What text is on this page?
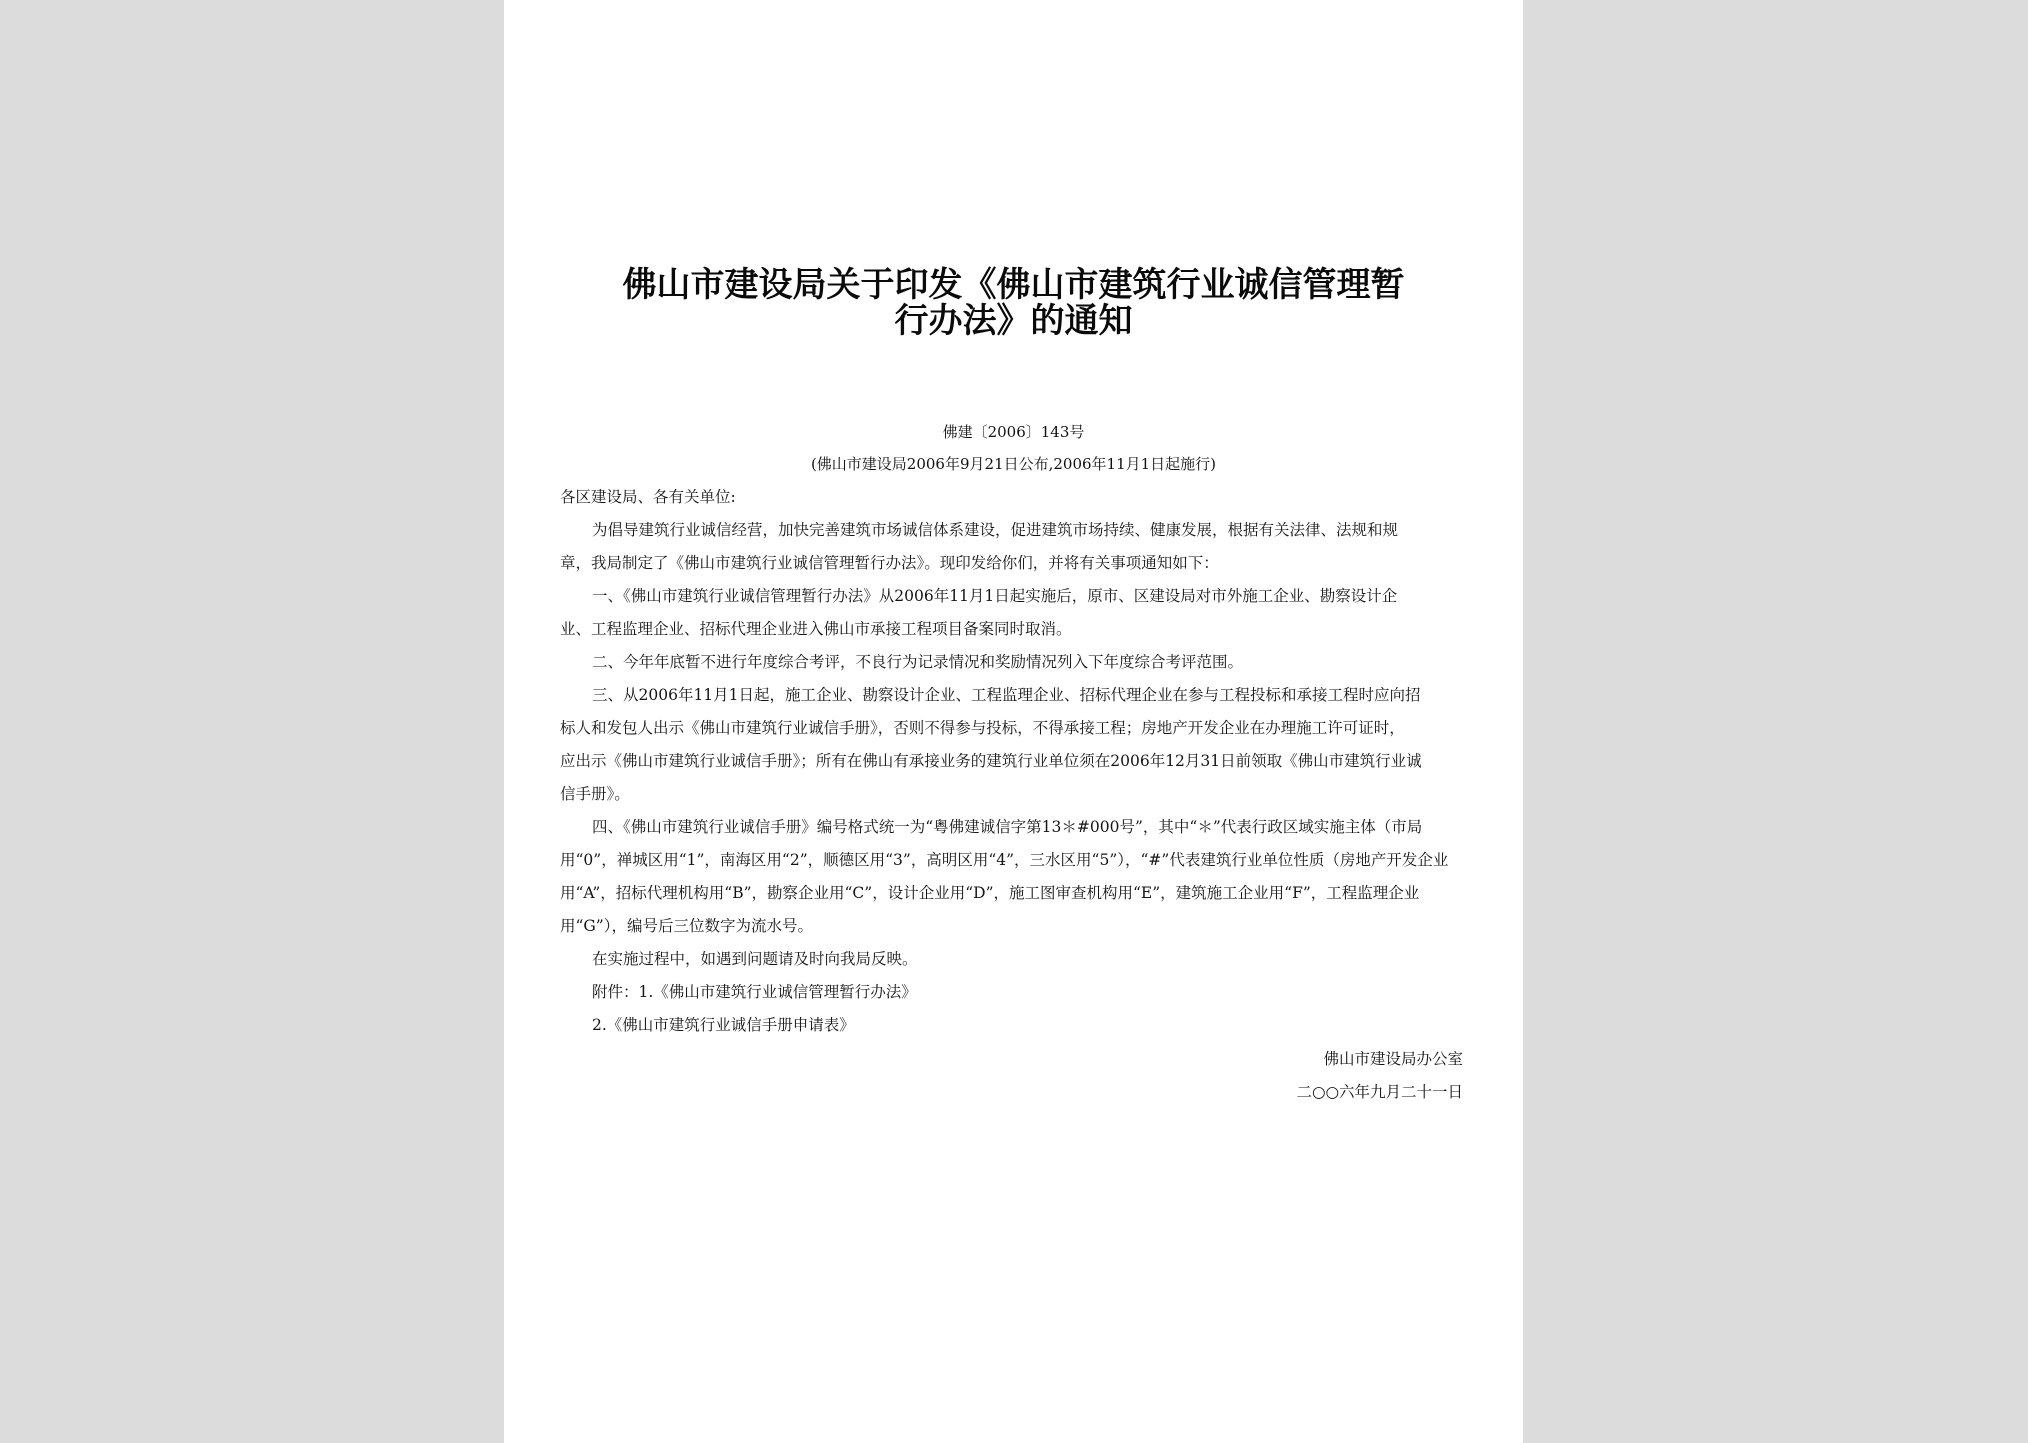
佛山市建设局关于印发《佛山市建筑行业诚信管理暂
行办法》的通知
佛建〔2006〕143号
(佛山市建设局2006年9月21日公布,2006年11月1日起施行)
各区建设局、各有关单位:
为倡导建筑行业诚信经营，加快完善建筑市场诚信体系建设，促进建筑市场持续、健康发展，根据有关法律、法规和规
章，我局制定了《佛山市建筑行业诚信管理暂行办法》。现印发给你们，并将有关事项通知如下：
一、《佛山市建筑行业诚信管理暂行办法》从2006年11月1日起实施后，原市、区建设局对市外施工企业、勘察设计企
业、工程监理企业、招标代理企业进入佛山市承接工程项目备案同时取消。
二、今年年底暂不进行年度综合考评，不良行为记录情况和奖励情况列入下年度综合考评范围。
三、从2006年11月1日起，施工企业、勘察设计企业、工程监理企业、招标代理企业在参与工程投标和承接工程时应向招
标人和发包人出示《佛山市建筑行业诚信手册》，否则不得参与投标，不得承接工程；房地产开发企业在办理施工许可证时，
应出示《佛山市建筑行业诚信手册》；所有在佛山有承接业务的建筑行业单位须在2006年12月31日前领取《佛山市建筑行业诚
信手册》。
四、《佛山市建筑行业诚信手册》编号格式统一为“粤佛建诚信字第13＊#000号”，其中“＊”代表行政区域实施主体（市局
用“0”，禅城区用“1”，南海区用“2”，顺德区用“3”，高明区用“4”，三水区用“5”），“#”代表建筑行业单位性质（房地产开发企业
用“A”，招标代理机构用“B”，勘察企业用“C”，设计企业用“D”，施工图审查机构用“E”，建筑施工企业用“F”，工程监理企业
用“G”），编号后三位数字为流水号。
在实施过程中，如遇到问题请及时向我局反映。
附件：1.《佛山市建筑行业诚信管理暂行办法》
2.《佛山市建筑行业诚信手册申请表》
佛山市建设局办公室
二○○六年九月二十一日
